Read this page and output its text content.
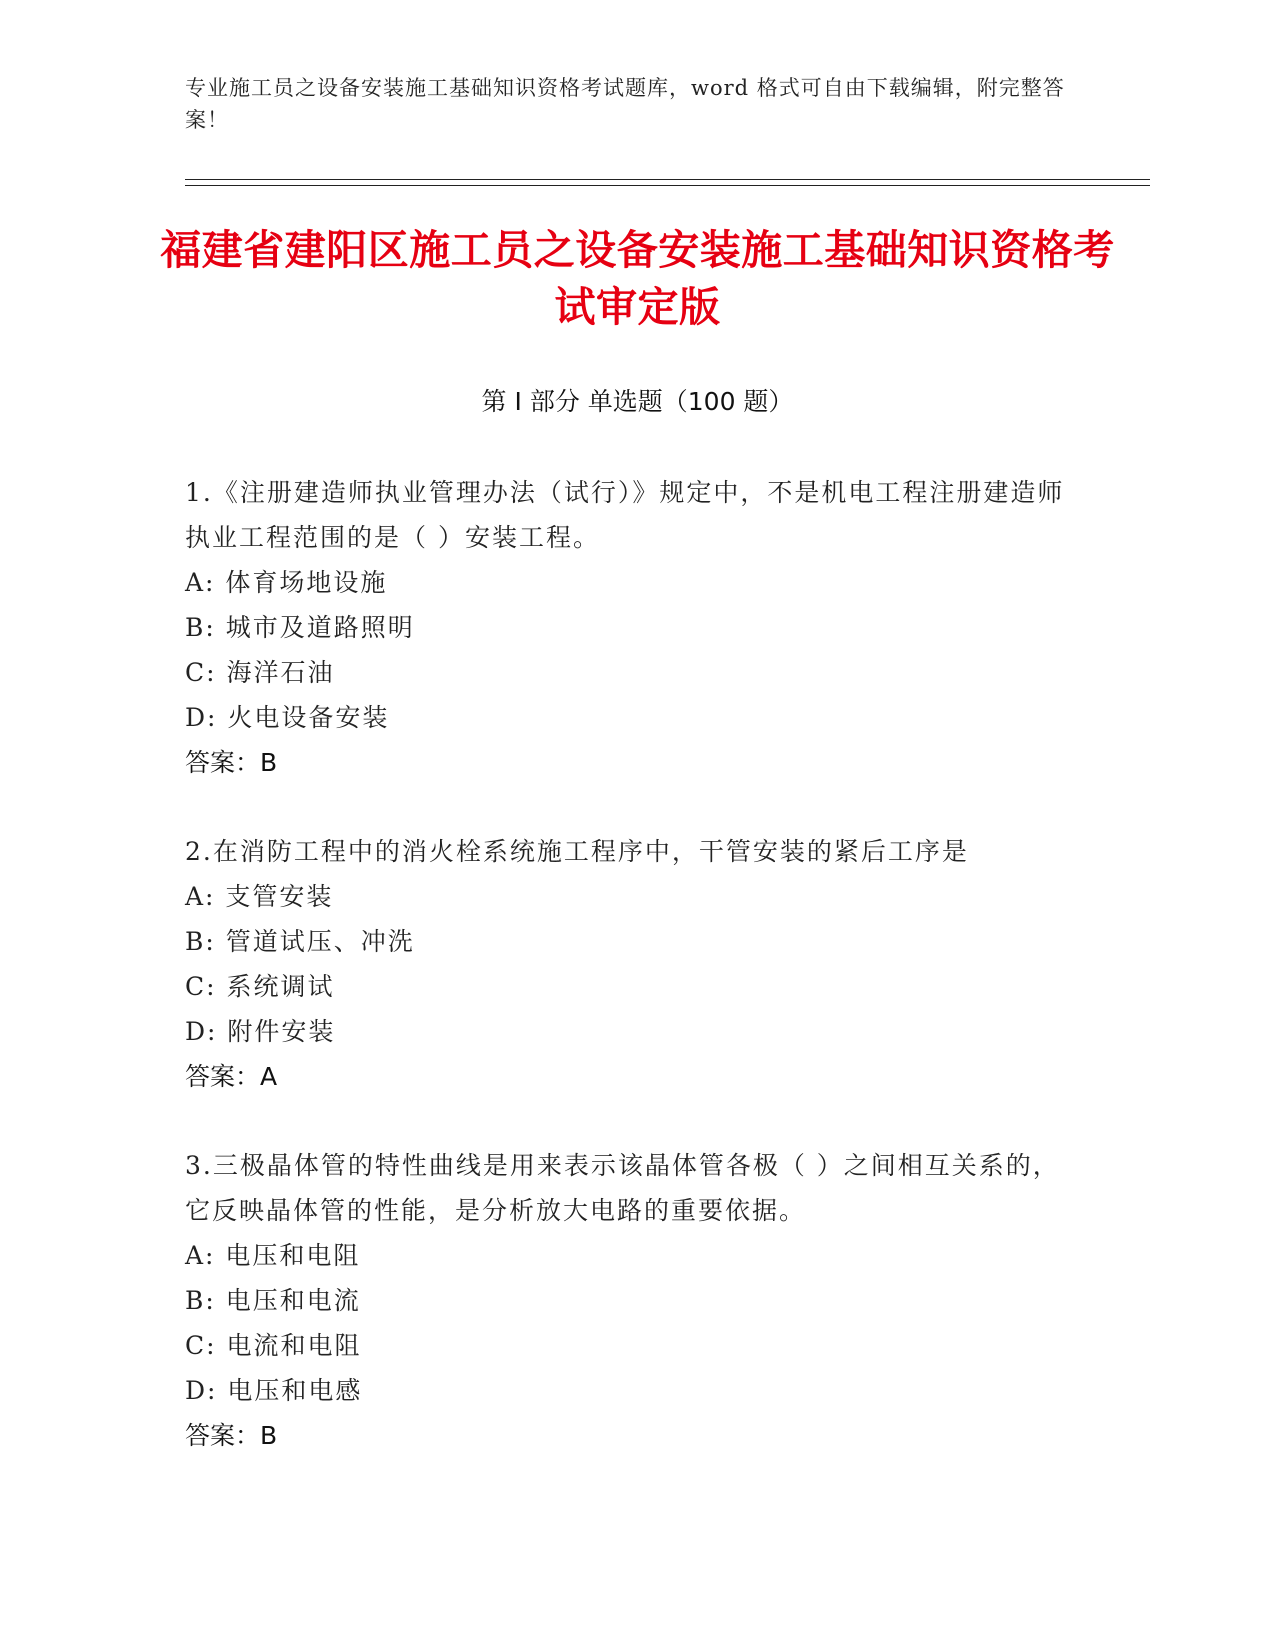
专业施工员之设备安装施工基础知识资格考试题库，word 格式可自由下载编辑，附完整答案！
福建省建阳区施工员之设备安装施工基础知识资格考试审定版
第 I 部分 单选题（100 题）
1.《注册建造师执业管理办法（试行）》规定中，不是机电工程注册建造师执业工程范围的是（ ）安装工程。
A: 体育场地设施
B: 城市及道路照明
C: 海洋石油
D: 火电设备安装
答案：B
2.在消防工程中的消火栓系统施工程序中，干管安装的紧后工序是
A: 支管安装
B: 管道试压、冲洗
C: 系统调试
D: 附件安装
答案：A
3.三极晶体管的特性曲线是用来表示该晶体管各极（ ）之间相互关系的，它反映晶体管的性能，是分析放大电路的重要依据。
A: 电压和电阻
B: 电压和电流
C: 电流和电阻
D: 电压和电感
答案：B
